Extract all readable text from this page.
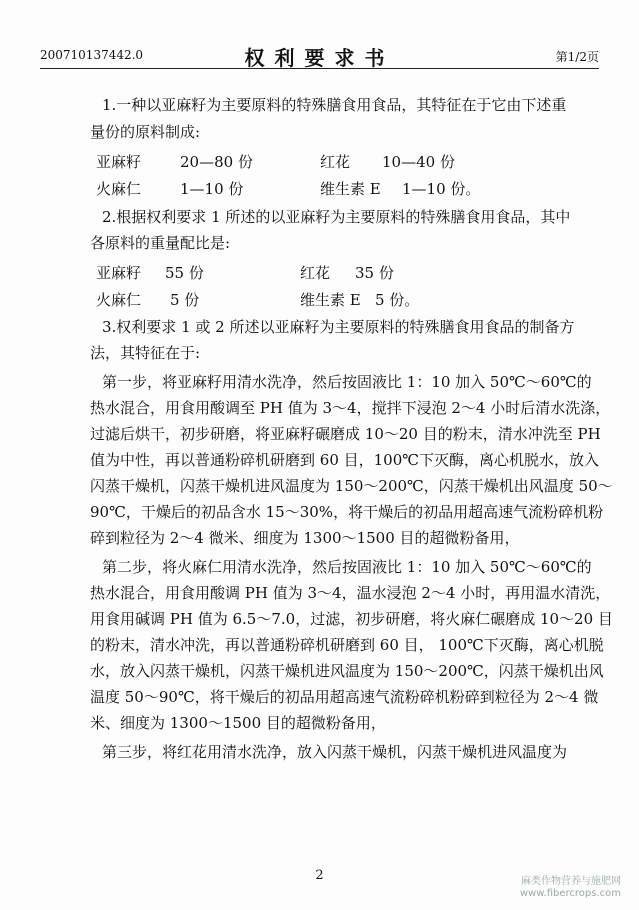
200710137442.0	权利要求书	第1/2页
1.一种以亚麻籽为主要原料的特殊膳食用食品，其特征在于它由下述重
量份的原料制成:
亚麻籽	20—80 份	红花 10—40 份
火麻仁	1—10 份	维生素 E 1—10 份。
2.根据权利要求 1 所述的以亚麻籽为主要原料的特殊膳食用食品，其中
各原料的重量配比是:
亚麻籽 55 份	红花 35 份
火麻仁 5 份	维生素 E 5 份。
3.权利要求 1 或 2 所述以亚麻籽为主要原料的特殊膳食用食品的制备方
法，其特征在于:
第一步，将亚麻籽用清水洗净，然后按固液比 1：10 加入 50℃～60℃的
热水混合，用食用酸调至 PH 值为 3～4，搅拌下浸泡 2～4 小时后清水洗涤，
过滤后烘干，初步研磨，将亚麻籽碾磨成 10～20 目的粉末，清水冲洗至 PH
值为中性，再以普通粉碎机研磨到 60 目，100℃下灭酶，离心机脱水，放入
闪蒸干燥机，闪蒸干燥机进风温度为 150～200℃，闪蒸干燥机出风温度 50～
90℃，干燥后的初品含水 15～30%，将干燥后的初品用超高速气流粉碎机粉
碎到粒径为 2～4 微米、细度为 1300～1500 目的超微粉备用，
第二步，将火麻仁用清水洗净，然后按固液比 1：10 加入 50℃～60℃的
热水混合，用食用酸调 PH 值为 3～4，温水浸泡 2～4 小时，再用温水清洗，
用食用碱调 PH 值为 6.5～7.0，过滤，初步研磨，将火麻仁碾磨成 10～20 目
的粉末，清水冲洗，再以普通粉碎机研磨到 60 目， 100℃下灭酶，离心机脱
水，放入闪蒸干燥机，闪蒸干燥机进风温度为 150～200℃，闪蒸干燥机出风
温度 50～90℃，将干燥后的初品用超高速气流粉碎机粉碎到粒径为 2～4 微
米、细度为 1300～1500 目的超微粉备用，
第三步，将红花用清水洗净，放入闪蒸干燥机，闪蒸干燥机进风温度为
2	麻类作物营养与施肥网
www.fibercrops.com
